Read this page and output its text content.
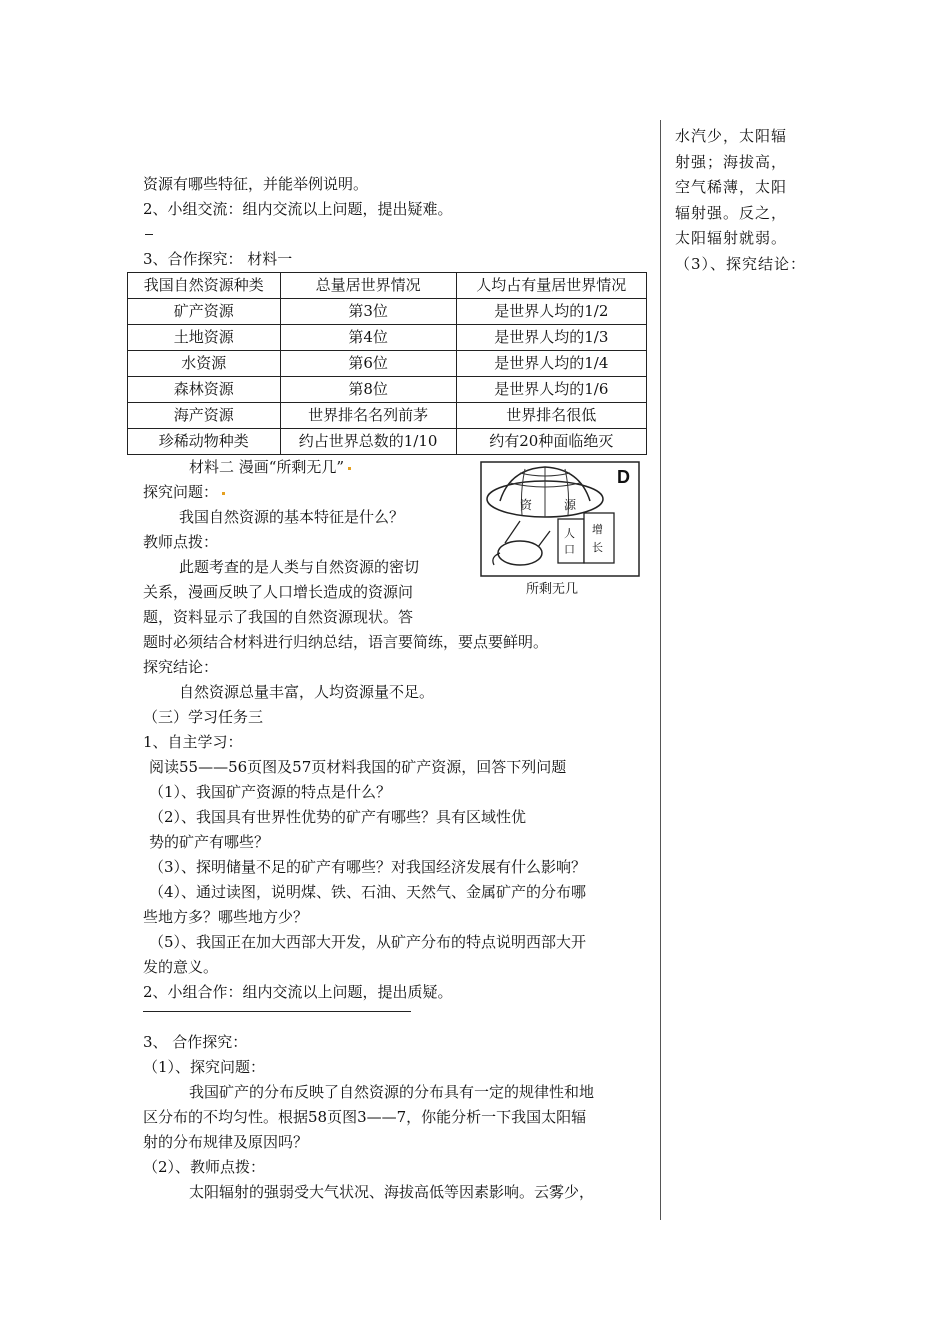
资源有哪些特征，并能举例说明。

2、小组交流：组内交流以上问题，提出疑难。

3、合作探究： 材料一

我国自然资源种类	总量居世界情况	人均占有量居世界情况
矿产资源	第3位	是世界人均的1/2
土地资源	第4位	是世界人均的1/3
水资源	第6位	是世界人均的1/4
森林资源	第8位	是世界人均的1/6
海产资源	世界排名名列前茅	世界排名很低
珍稀动物种类	约占世界总数的1/10	约有20种面临绝灭
D
资	源
人
口
增
长
所剩无几

材料二 漫画“所剩无几”

探究问题：

我国自然资源的基本特征是什么？

教师点拨：

此题考查的是人类与自然资源的密切

关系，漫画反映了人口增长造成的资源问

题，资料显示了我国的自然资源现状。答

题时必须结合材料进行归纳总结，语言要简练，要点要鲜明。

探究结论：

自然资源总量丰富，人均资源量不足。

（三）学习任务三

1、自主学习：

阅读55——56页图及57页材料我国的矿产资源，回答下列问题

（1）、我国矿产资源的特点是什么？

（2）、我国具有世界性优势的矿产有哪些？具有区域性优

势的矿产有哪些？

（3）、探明储量不足的矿产有哪些？对我国经济发展有什么影响？

（4）、通过读图，说明煤、铁、石油、天然气、金属矿产的分布哪

些地方多？哪些地方少？

（5）、我国正在加大西部大开发，从矿产分布的特点说明西部大开

发的意义。

2、小组合作：组内交流以上问题，提出质疑。

3、 合作探究：

（1）、探究问题：

我国矿产的分布反映了自然资源的分布具有一定的规律性和地

区分布的不均匀性。根据58页图3——7，你能分析一下我国太阳辐

射的分布规律及原因吗？

（2）、教师点拨：

太阳辐射的强弱受大气状况、海拔高低等因素影响。云雾少，

水汽少，太阳辐

射强；海拔高，

空气稀薄，太阳

辐射强。反之，

太阳辐射就弱。

（3）、探究结论：
